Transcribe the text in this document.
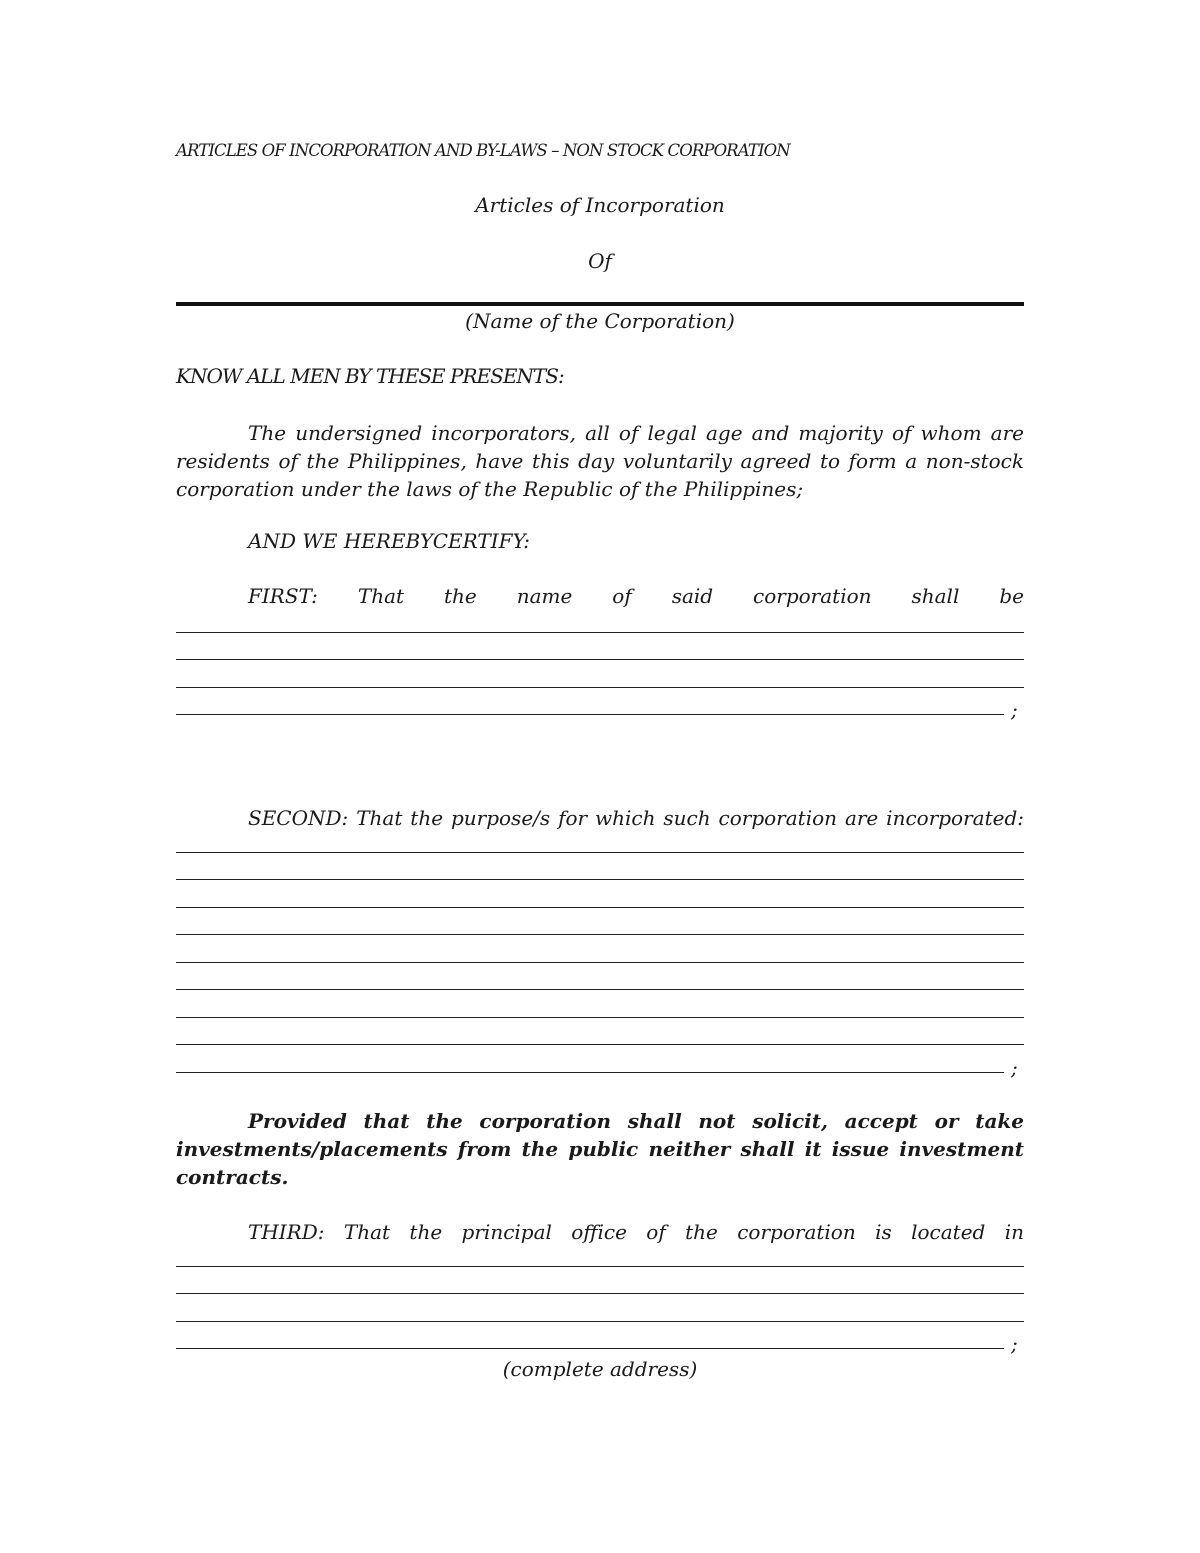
ARTICLES OF INCORPORATION AND BY-LAWS – NON STOCK CORPORATION
Articles of Incorporation
Of
(Name of the Corporation)
KNOW ALL MEN BY THESE PRESENTS:
The undersigned incorporators, all of legal age and majority of whom are residents of the Philippines, have this day voluntarily agreed to form a non-stock corporation under the laws of the Republic of the Philippines;
AND WE HEREBYCERTIFY:
FIRST: That the name of said corporation shall be
;
SECOND: That the purpose/s for which such corporation are incorporated:
;
Provided that the corporation shall not solicit, accept or take investments/placements from the public neither shall it issue investment contracts.
THIRD: That the principal office of the corporation is located in
;
(complete address)
